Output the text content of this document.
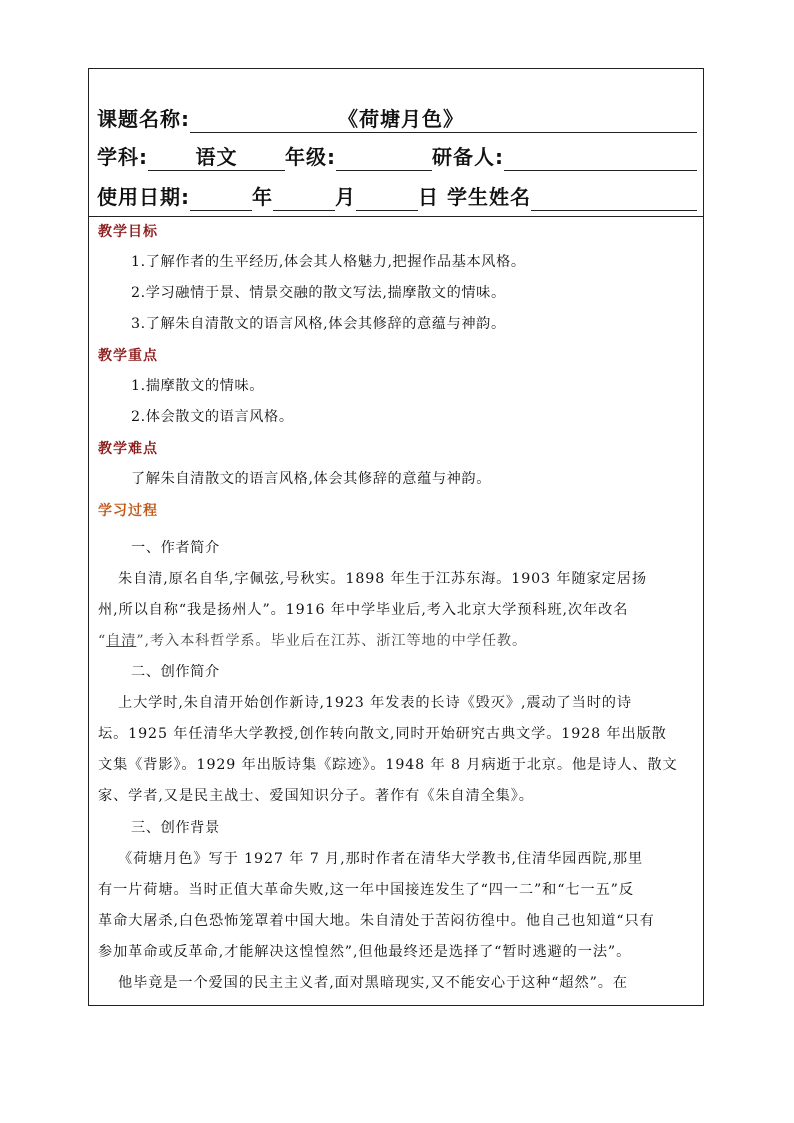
课题名称:	《荷塘月色》
学科:	语文	年级:	研备人:
使用日期:	年	月	日 学生姓名
教学目标
1.了解作者的生平经历,体会其人格魅力,把握作品基本风格。
2.学习融情于景、情景交融的散文写法,揣摩散文的情味。
3.了解朱自清散文的语言风格,体会其修辞的意蕴与神韵。
教学重点
1.揣摩散文的情味。
2.体会散文的语言风格。
教学难点
了解朱自清散文的语言风格,体会其修辞的意蕴与神韵。
学习过程
一、作者简介
朱自清,原名自华,字佩弦,号秋实。1898 年生于江苏东海。1903 年随家定居扬
州,所以自称“我是扬州人”。1916 年中学毕业后,考入北京大学预科班,次年改名
“自清”,考入本科哲学系。毕业后在江苏、浙江等地的中学任教。
二、创作简介
上大学时,朱自清开始创作新诗,1923 年发表的长诗《毁灭》,震动了当时的诗
坛。1925 年任清华大学教授,创作转向散文,同时开始研究古典文学。1928 年出版散
文集《背影》。1929 年出版诗集《踪迹》。1948 年 8 月病逝于北京。他是诗人、散文
家、学者,又是民主战士、爱国知识分子。著作有《朱自清全集》。
三、创作背景
《荷塘月色》写于 1927 年 7 月,那时作者在清华大学教书,住清华园西院,那里
有一片荷塘。当时正值大革命失败,这一年中国接连发生了“四一二”和“七一五”反
革命大屠杀,白色恐怖笼罩着中国大地。朱自清处于苦闷彷徨中。他自己也知道“只有
参加革命或反革命,才能解决这惶惶然”,但他最终还是选择了“暂时逃避的一法”。
他毕竟是一个爱国的民主主义者,面对黑暗现实,又不能安心于这种“超然”。在
